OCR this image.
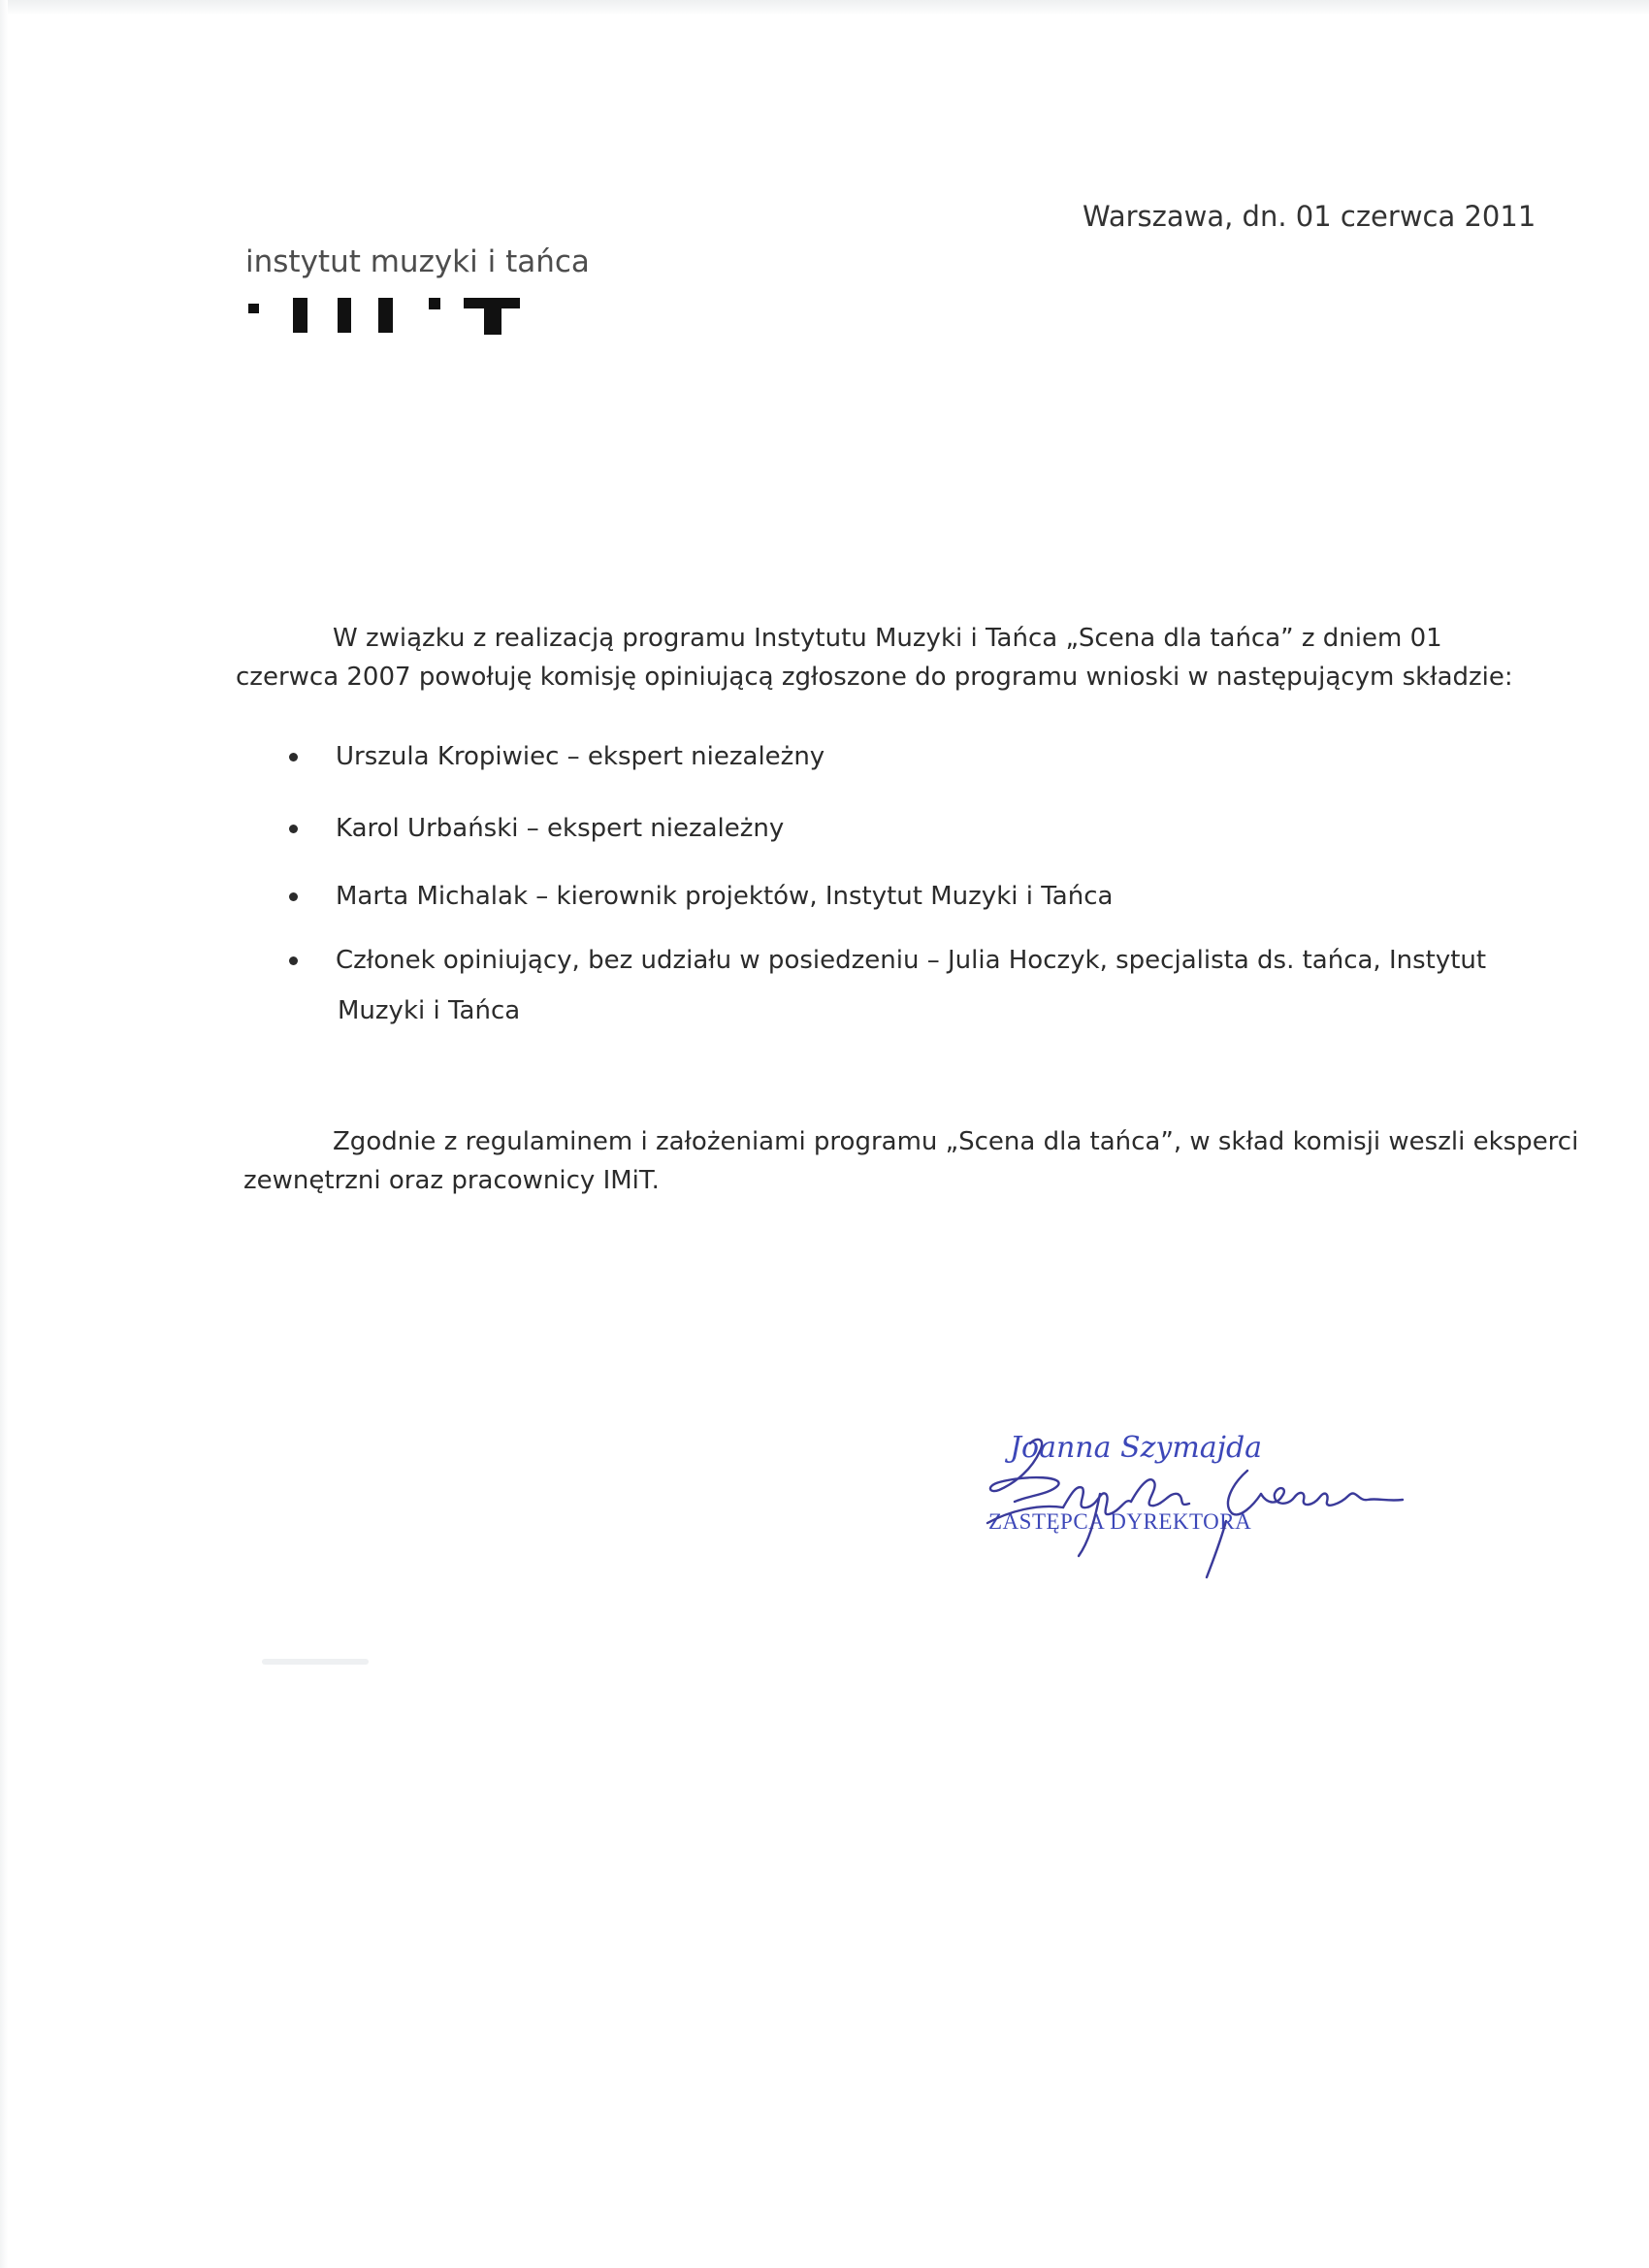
instytut muzyki i tańca
Warszawa, dn. 01 czerwca 2011
W związku z realizacją programu Instytutu Muzyki i Tańca „Scena dla tańca” z dniem 01
czerwca 2007 powołuję komisję opiniującą zgłoszone do programu wnioski w następującym składzie:
Urszula Kropiwiec – ekspert niezależny
Karol Urbański – ekspert niezależny
Marta Michalak – kierownik projektów, Instytut Muzyki i Tańca
Członek opiniujący, bez udziału w posiedzeniu – Julia Hoczyk, specjalista ds. tańca, Instytut
Muzyki i Tańca
Zgodnie z regulaminem i założeniami programu „Scena dla tańca”, w skład komisji weszli eksperci
zewnętrzni oraz pracownicy IMiT.
Joanna Szymajda
ZASTĘPCA DYREKTORA
